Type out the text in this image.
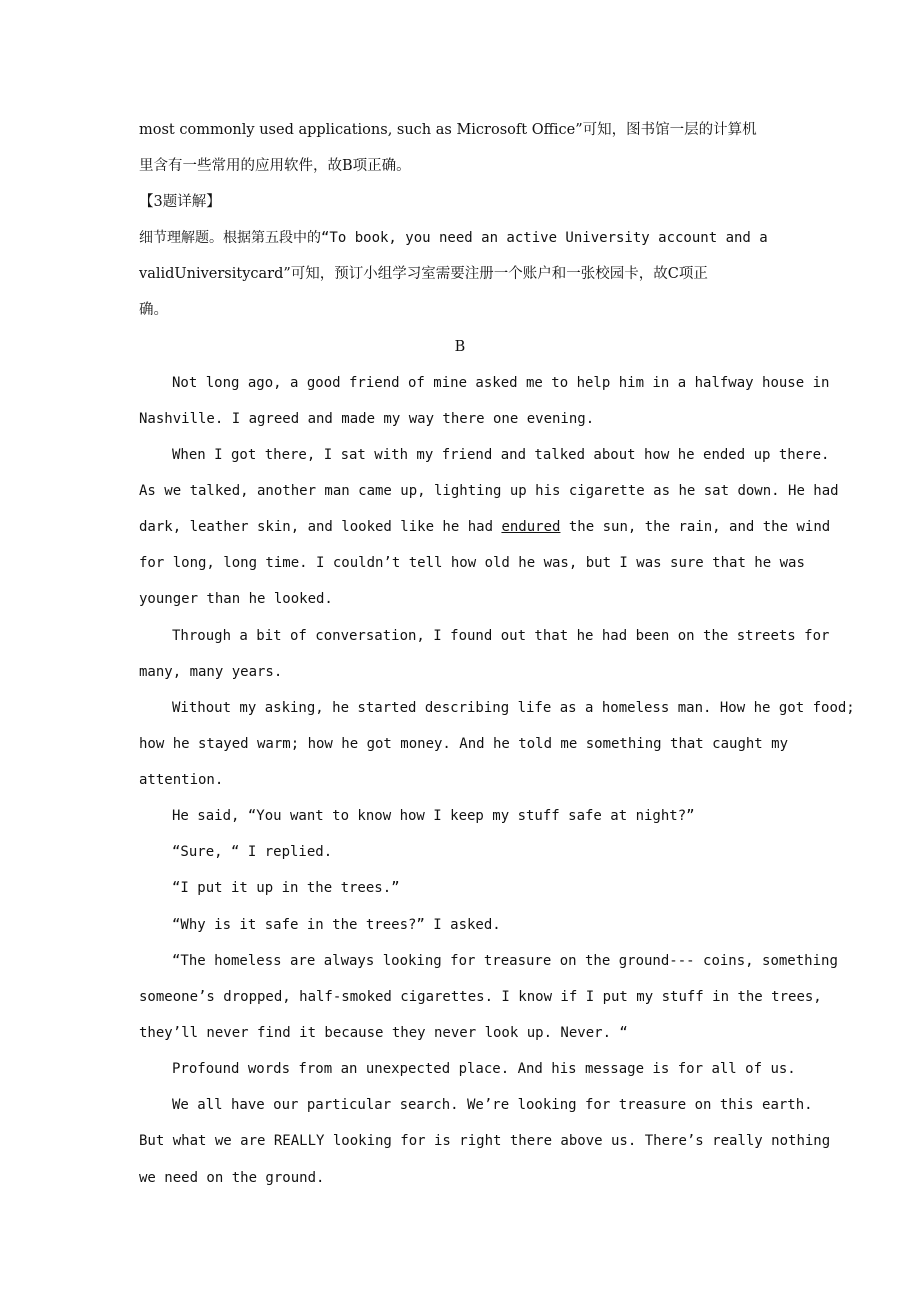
most commonly used applications, such as Microsoft Office”可知，图书馆一层的计算机
里含有一些常用的应用软件，故B项正确。
【3题详解】
细节理解题。根据第五段中的“To book, you need an active University account and a
validUniversitycard”可知，预订小组学习室需要注册一个账户和一张校园卡，故C项正
确。
B
Not long ago, a good friend of mine asked me to help him in a halfway house in
Nashville. I agreed and made my way there one evening.
When I got there, I sat with my friend and talked about how he ended up there.
As we talked, another man came up, lighting up his cigarette as he sat down. He had
dark, leather skin, and looked like he had endured the sun, the rain, and the wind
for long, long time. I couldn’t tell how old he was, but I was sure that he was
younger than he looked.
Through a bit of conversation, I found out that he had been on the streets for
many, many years.
Without my asking, he started describing life as a homeless man. How he got food;
how he stayed warm; how he got money. And he told me something that caught my
attention.
He said, “You want to know how I keep my stuff safe at night?”
“Sure, “ I replied.
“I put it up in the trees.”
“Why is it safe in the trees?” I asked.
“The homeless are always looking for treasure on the ground--- coins, something
someone’s dropped, half-smoked cigarettes. I know if I put my stuff in the trees,
they’ll never find it because they never look up. Never. “
Profound words from an unexpected place. And his message is for all of us.
We all have our particular search. We’re looking for treasure on this earth.
But what we are REALLY looking for is right there above us. There’s really nothing
we need on the ground.
